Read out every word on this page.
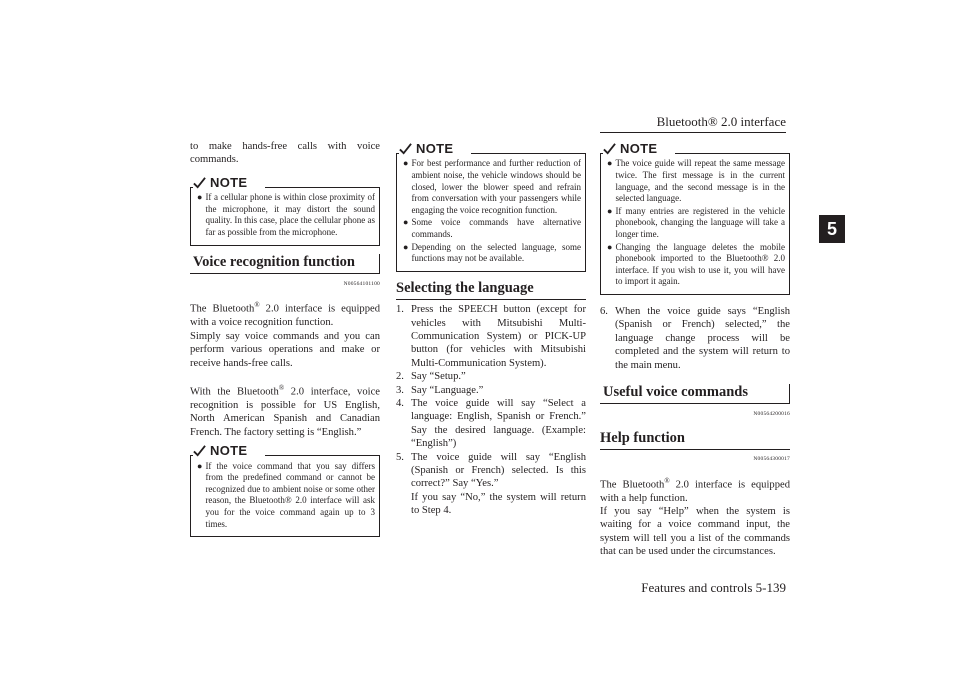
Bluetooth® 2.0 interface
5
Features and controls 5-139

to make hands-free calls with voice commands.

NOTE
● If a cellular phone is within close proximity of the microphone, it may distort the sound quality. In this case, place the cellular phone as far as possible from the microphone.

Voice recognition function
N00564101100

The Bluetooth® 2.0 interface is equipped with a voice recognition function.

Simply say voice commands and you can perform various operations and make or receive hands-free calls.

With the Bluetooth® 2.0 interface, voice recognition is possible for US English, North American Spanish and Canadian French. The factory setting is “English.”

NOTE
● If the voice command that you say differs from the predefined command or cannot be recognized due to ambient noise or some other reason, the Bluetooth® 2.0 interface will ask you for the voice command again up to 3 times.

NOTE
● For best performance and further reduction of ambient noise, the vehicle windows should be closed, lower the blower speed and refrain from conversation with your passengers while engaging the voice recognition function.

● Some voice commands have alternative commands.

● Depending on the selected language, some functions may not be available.

Selecting the language
1. Press the SPEECH button (except for vehicles with Mitsubishi Multi-Communication System) or PICK-UP button (for vehicles with Mitsubishi Multi-Communication System).

2. Say “Setup.”

3. Say “Language.”

4. The voice guide will say “Select a language: English, Spanish or French.” Say the desired language. (Example: “English”)

5. The voice guide will say “English (Spanish or French) selected. Is this correct?” Say “Yes.”

If you say “No,” the system will return to Step 4.

NOTE
● The voice guide will repeat the same message twice. The first message is in the current language, and the second message is in the selected language.

● If many entries are registered in the vehicle phonebook, changing the language will take a longer time.

● Changing the language deletes the mobile phonebook imported to the Bluetooth® 2.0 interface. If you wish to use it, you will have to import it again.

6. When the voice guide says “English (Spanish or French) selected,” the language change process will be completed and the system will return to the main menu.

Useful voice commands
N00564200016
Help function
N00564300017

The Bluetooth® 2.0 interface is equipped with a help function.

If you say “Help” when the system is waiting for a voice command input, the system will tell you a list of the commands that can be used under the circumstances.
